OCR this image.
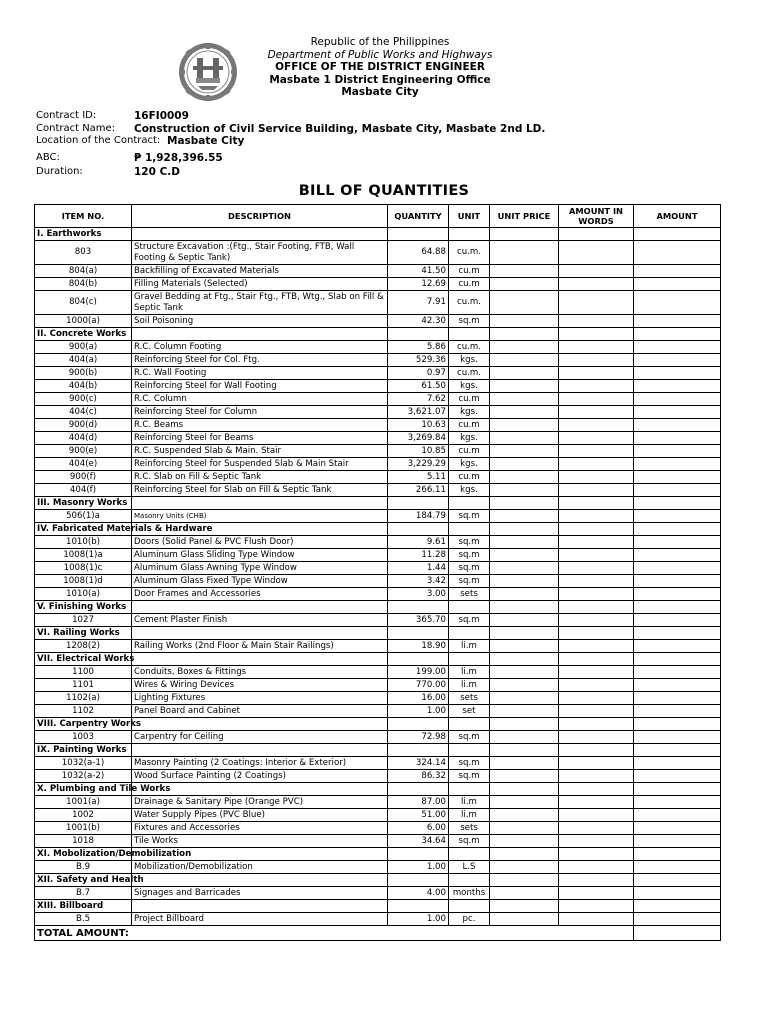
Republic of the Philippines
Department of Public Works and Highways
OFFICE OF THE DISTRICT ENGINEER
Masbate 1 District Engineering Office
Masbate City
Contract ID:	16FI0009
Contract Name: Construction of Civil Service Building, Masbate City, Masbate 2nd LD.
Location of the Contract: Masbate City
ABC:	₱ 1,928,396.55
Duration:	120 C.D
BILL OF QUANTITIES
ITEM NO.	DESCRIPTION	QUANTITY	UNIT	UNIT PRICE	AMOUNT IN WORDS	AMOUNT
I. Earthworks						
803	Structure Excavation :(Ftg., Stair Footing, FTB, Wall Footing & Septic Tank)	64.88	cu.m.			
804(a)	Backfilling of Excavated Materials	41.50	cu.m			
804(b)	Filling Materials (Selected)	12.69	cu.m			
804(c)	Gravel Bedding at Ftg., Stair Ftg., FTB, Wtg., Slab on Fill & Septic Tank	7.91	cu.m.			
1000(a)	Soil Poisoning	42.30	sq.m			
II. Concrete Works						
900(a)	R.C. Column Footing	5.86	cu.m.			
404(a)	Reinforcing Steel for Col. Ftg.	529.36	kgs.			
900(b)	R.C. Wall Footing	0.97	cu.m.			
404(b)	Reinforcing Steel for Wall Footing	61.50	kgs.			
900(c)	R.C. Column	7.62	cu.m			
404(c)	Reinforcing Steel for Column	3,621.07	kgs.			
900(d)	R.C. Beams	10.63	cu.m			
404(d)	Reinforcing Steel for Beams	3,269.84	kgs.			
900(e)	R.C. Suspended Slab & Main. Stair	10.85	cu.m			
404(e)	Reinforcing Steel for Suspended Slab & Main Stair	3,229.29	kgs.			
900(f)	R.C. Slab on Fill & Septic Tank	5.11	cu.m			
404(f)	Reinforcing Steel for Slab on Fill & Septic Tank	266.11	kgs.			
III. Masonry Works						
506(1)a	Masonry Units (CHB)	184.79	sq.m			
IV. Fabricated Materials & Hardware						
1010(b)	Doors (Solid Panel & PVC Flush Door)	9.61	sq.m			
1008(1)a	Aluminum Glass Sliding Type Window	11.28	sq.m			
1008(1)c	Aluminum Glass Awning Type Window	1.44	sq.m			
1008(1)d	Aluminum Glass Fixed Type Window	3.42	sq.m			
1010(a)	Door Frames and Accessories	3.00	sets			
V. Finishing Works						
1027	Cement Plaster Finish	365.70	sq.m			
VI. Railing Works						
1208(2)	Railing Works (2nd Floor & Main Stair Railings)	18.90	li.m			
VII. Electrical Works						
1100	Conduits, Boxes & Fittings	199.00	li.m			
1101	Wires & Wiring Devices	770.00	li.m			
1102(a)	Lighting Fixtures	16.00	sets			
1102	Panel Board and Cabinet	1.00	set			
VIII. Carpentry Works						
1003	Carpentry for Ceiling	72.98	sq.m			
IX. Painting Works						
1032(a-1)	Masonry Painting (2 Coatings: Interior & Exterior)	324.14	sq.m			
1032(a-2)	Wood Surface Painting (2 Coatings)	86.32	sq.m			
X. Plumbing and Tile Works						
1001(a)	Drainage & Sanitary Pipe (Orange PVC)	87.00	li.m			
1002	Water Supply Pipes (PVC Blue)	51.00	li.m			
1001(b)	Fixtures and Accessories	6.00	sets			
1018	Tile Works	34.64	sq.m			
XI. Mobolization/Demobilization						
B.9	Mobilization/Demobilization	1.00	L.S			
XII. Safety and Health						
B.7	Signages and Barricades	4.00	months			
XIII. Billboard						
B.5	Project Billboard	1.00	pc.			
TOTAL AMOUNT:						
